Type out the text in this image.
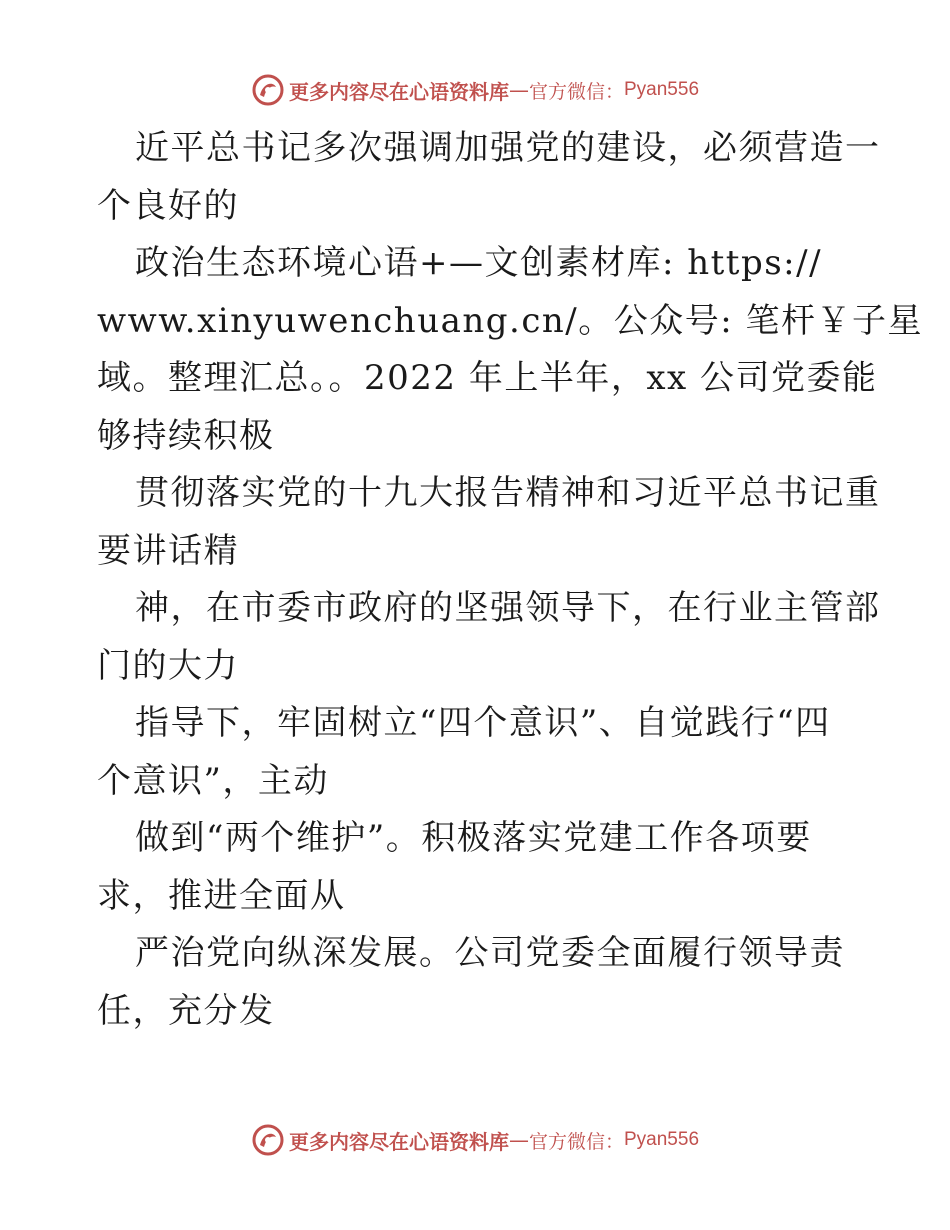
更多内容尽在心语资料库 — 官方微信： Pyan556

近平总书记多次强调加强党的建设，必须营造一
个良好的

政治生态环境心语+—文创素材库: https://
www.xinyuwenchuang.cn/。公众号: 笔杆￥子星
域。整理汇总。。2022 年上半年，xx 公司党委能
够持续积极

贯彻落实党的十九大报告精神和习近平总书记重
要讲话精

神，在市委市政府的坚强领导下，在行业主管部
门的大力

指导下，牢固树立“四个意识”、自觉践行“四
个意识”，主动

做到“两个维护”。积极落实党建工作各项要
求，推进全面从

严治党向纵深发展。公司党委全面履行领导责
任，充分发

更多内容尽在心语资料库 — 官方微信： Pyan556
